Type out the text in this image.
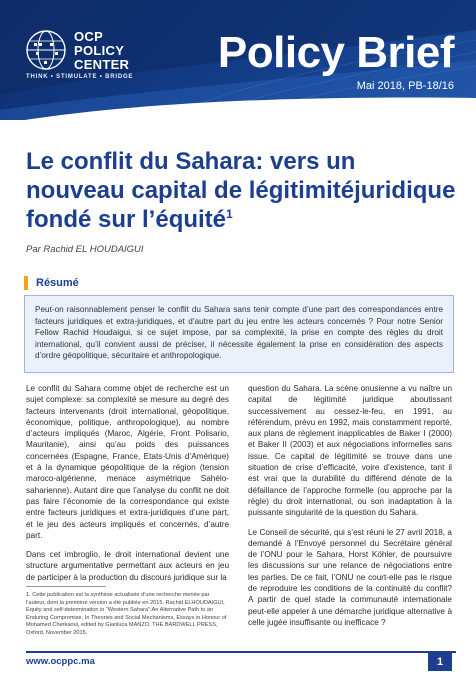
OCP
POLICY
CENTER
THINK • STIMULATE • BRIDGE Policy Brief
Mai 2018, PB-18/16
Le conflit du Sahara: vers un nouveau capital de légitimitéjuridique fondé sur l’équité$^1$
Par Rachid EL HOUDAIGUI
Résumé

Peut-on raisonnablement penser le conflit du Sahara sans tenir compte d’une part des correspondances entre facteurs juridiques et extra-juridiques, et d’autre part du jeu entre les acteurs concernés ? Pour notre Senior Fellow Rachid Houdaigui, si ce sujet impose, par sa complexité, la prise en compte des règles du droit international, qu’il convient aussi de préciser, il nécessite également la prise en considération des aspects d’ordre géopolitique, sécuritaire et anthropologique.

Le conflit du Sahara comme objet de recherche est un sujet complexe: sa complexité se mesure au degré des facteurs intervenants (droit international, géopolitique, économique, politique, anthropologique), au nombre d’acteurs impliqués (Maroc, Algérie, Front Polisario, Mauritanie), ainsi qu’au poids des puissances concernées (Espagne, France, Etats-Unis d’Amérique) et à la dynamique géopolitique de la région (tension maroco-algérienne, menace asymétrique Sahélo-saharienne). Autant dire que l’analyse du conflit ne doit pas faire l’économie de la correspondance qui existe entre facteurs juridiques et extra-juridiques d’une part, et le jeu des acteurs impliqués et concernés, d’autre part.

Dans cet imbroglio, le droit international devient une structure argumentative permettant aux acteurs en jeu de participer à la production du discours juridique sur la

question du Sahara. La scène onusienne a vu naître un capital de légitimité juridique aboutissant successivement au cessez-le-feu, en 1991, au référendum, prévu en 1992, mais constamment reporté, aux plans de règlement inapplicables de Baker I (2000) et Baker II (2003) et aux négociations informelles sans issue. Ce capital de légitimité se trouve dans une situation de crise d’efficacité, voire d’existence, tant il est vrai que la durabilité du différend dénote de la défaillance de l’approche formelle (ou approche par la règle) du droit international, ou son inadaptation à la puissante singularité de la question du Sahara.

Le Conseil de sécurité, qui s’est réuni le 27 avril 2018, a demandé à l’Envoyé personnel du Secrétaire général de l’ONU pour le Sahara, Horst Köhler, de poursuivre les discussions sur une relance de négociations entre les parties. De ce fait, l’ONU ne court-elle pas le risque de reproduire les conditions de la continuité du conflit? A partir de quel stade la communauté internationale peut-elle appeler à une démarche juridique alternative à celle jugée insuffisante ou inefficace ?

1. Cette publication est la synthèse actualisée d’une recherche menée par l’auteur, dont la première version a été publiée en 2015. Rachid ELHOUDAIGUI, Equity and self-determination in “Western Sahara”:An Alternative Path to an Enduring Compromise, In Theories and Social Mechanisms, Essays in Honour of Mohamed Cherkaoui, edited by Gianluca MANZO, THE BARDWELL PRESS, Oxford, November 2015.
www.ocppc.ma	1
